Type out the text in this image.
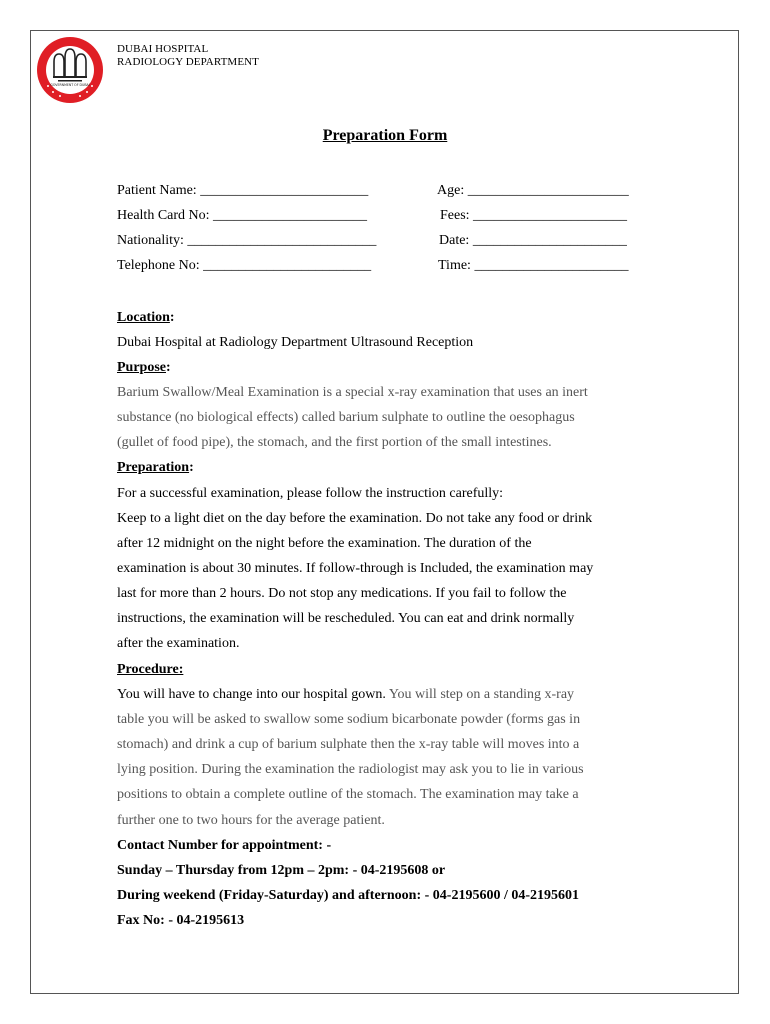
GOVERNMENT OF DUBAI
DUBAI HOSPITAL
RADIOLOGY DEPARTMENT
Preparation Form
Patient Name: ________________________	Age: _______________________
Health Card No: ______________________	Fees: ______________________
Nationality: ___________________________	Date: ______________________
Telephone No: ________________________	Time: ______________________
Location:
Dubai Hospital at Radiology Department Ultrasound Reception
Purpose:
Barium Swallow/Meal Examination is a special x-ray examination that uses an inert
substance (no biological effects) called barium sulphate to outline the oesophagus
(gullet of food pipe), the stomach, and the first portion of the small intestines.
Preparation:
For a successful examination, please follow the instruction carefully:
Keep to a light diet on the day before the examination. Do not take any food or drink
after 12 midnight on the night before the examination. The duration of the
examination is about 30 minutes. If follow-through is Included, the examination may
last for more than 2 hours. Do not stop any medications. If you fail to follow the
instructions, the examination will be rescheduled. You can eat and drink normally
after the examination.
Procedure:
You will have to change into our hospital gown. You will step on a standing x-ray
table you will be asked to swallow some sodium bicarbonate powder (forms gas in
stomach) and drink a cup of barium sulphate then the x-ray table will moves into a
lying position. During the examination the radiologist may ask you to lie in various
positions to obtain a complete outline of the stomach. The examination may take a
further one to two hours for the average patient.
Contact Number for appointment: -
Sunday – Thursday from 12pm – 2pm: - 04-2195608 or
During weekend (Friday-Saturday) and afternoon: - 04-2195600 / 04-2195601
Fax No: - 04-2195613
